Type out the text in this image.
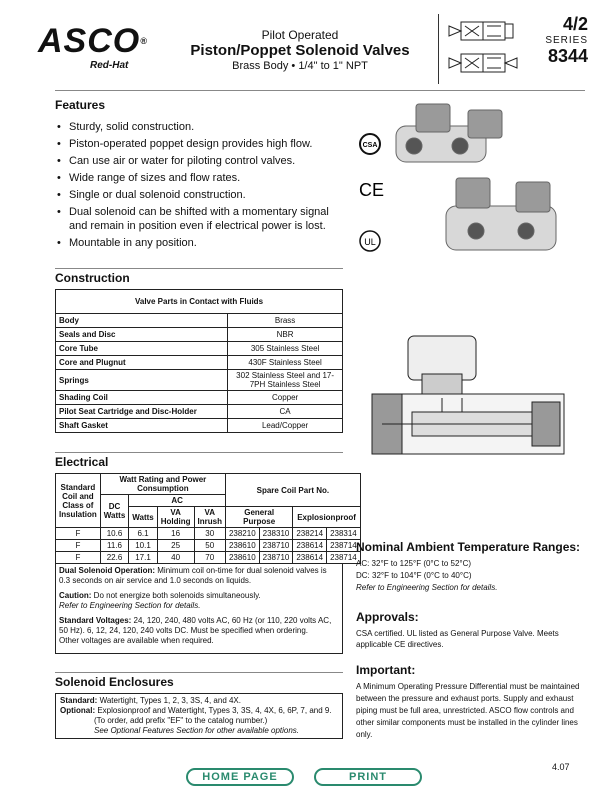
ASCO®
Red-Hat
Pilot Operated
Piston/Poppet Solenoid Valves
Brass Body • 1/4" to 1" NPT
4/2
SERIES
8344
Features
• Sturdy, solid construction.
• Piston-operated poppet design provides high flow.
• Can use air or water for piloting control valves.
• Wide range of sizes and flow rates.
• Single or dual solenoid construction.
• Dual solenoid can be shifted with a momentary signal and remain in position even if electrical power is lost.
• Mountable in any position.
CSA
CE
UL
Construction
Valve Parts in Contact with Fluids	
Body	Brass
Seals and Disc	NBR
Core Tube	305 Stainless Steel
Core and Plugnut	430F Stainless Steel
Springs	302 Stainless Steel and 17-7PH Stainless Steel
Shading Coil	Copper
Pilot Seat Cartridge and Disc-Holder	CA
Shaft Gasket	Lead/Copper
Electrical
Standard Coil and Class of Insulation	Watt Rating and Power Consumption				Spare Coil Part No.			
	DC Watts	AC						
		Watts	VA Holding	VA Inrush	General Purpose		Explosionproof	
F	10.6	6.1	16	30	238210	238310	238214	238314
F	11.6	10.1	25	50	238610	238710	238614	238714
F	22.6	17.1	40	70	238610	238710	238614	238714

Dual Solenoid Operation: Minimum coil on-time for dual solenoid valves is 0.3 seconds on air service and 1.0 seconds on liquids.

Caution: Do not energize both solenoids simultaneously.
Refer to Engineering Section for details.

Standard Voltages: 24, 120, 240, 480 volts AC, 60 Hz (or 110, 220 volts AC, 50 Hz). 6, 12, 24, 120, 240 volts DC. Must be specified when ordering.
Other voltages are available when required.

Solenoid Enclosures
Standard: Watertight, Types 1, 2, 3, 3S, 4, and 4X.
Optional: Explosionproof and Watertight, Types 3, 3S, 4, 4X, 6, 6P, 7, and 9.
(To order, add prefix "EF" to the catalog number.)
See Optional Features Section for other available options.
Nominal Ambient Temperature Ranges:

AC: 32°F to 125°F (0°C to 52°C)

DC: 32°F to 104°F (0°C to 40°C)

Refer to Engineering Section for details.

Approvals:

CSA certified. UL listed as General Purpose Valve. Meets applicable CE directives.

Important:

A Minimum Operating Pressure Differential must be maintained between the pressure and exhaust ports. Supply and exhaust piping must be full area, unrestricted. ASCO flow controls and other similar components must be installed in the cylinder lines only.

4.07
HOME PAGE	PRINT
